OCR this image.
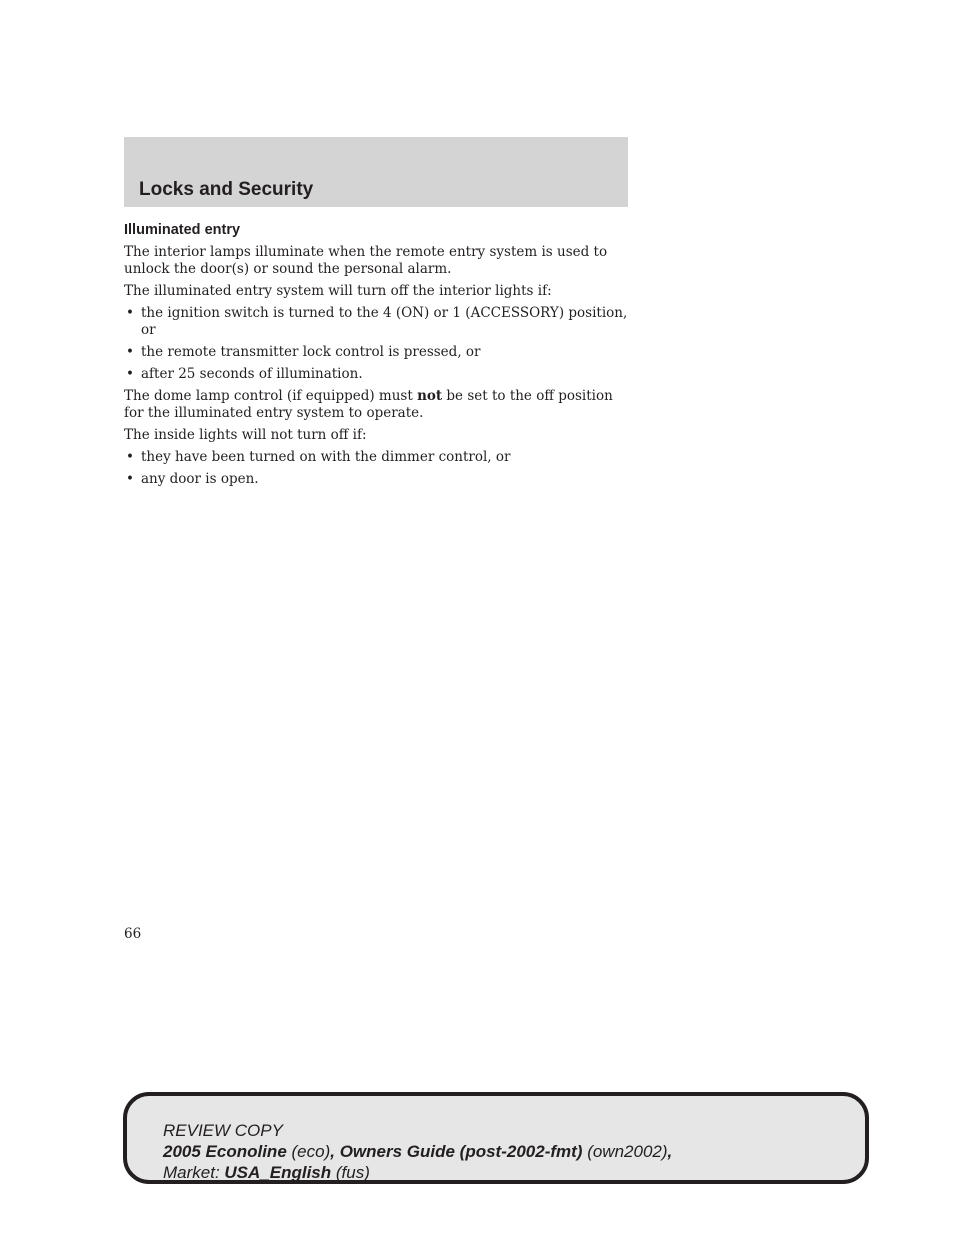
Locks and Security
Illuminated entry

The interior lamps illuminate when the remote entry system is used to unlock the door(s) or sound the personal alarm.

The illuminated entry system will turn off the interior lights if:

• the ignition switch is turned to the 4 (ON) or 1 (ACCESSORY) position, or
• the remote transmitter lock control is pressed, or
• after 25 seconds of illumination.

The dome lamp control (if equipped) must not be set to the off position for the illuminated entry system to operate.

The inside lights will not turn off if:

• they have been turned on with the dimmer control, or
• any door is open.
66
REVIEW COPY
2005 Econoline (eco), Owners Guide (post-2002-fmt) (own2002),
Market: USA_English (fus)
